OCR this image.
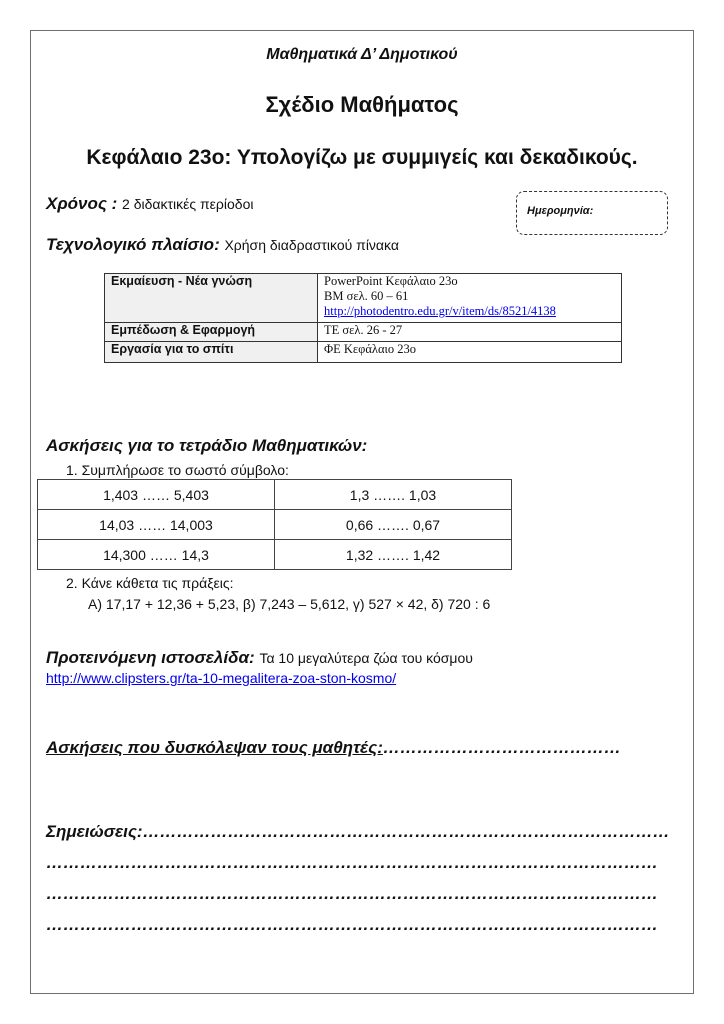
Μαθηματικά Δ’ Δημοτικού
Σχέδιο Μαθήματος
Κεφάλαιο 23ο: Υπολογίζω με συμμιγείς και δεκαδικούς.
Χρόνος : 2 διδακτικές περίοδοι	Ημερομηνία:
Τεχνολογικό πλαίσιο: Χρήση διαδραστικού πίνακα
Εκμαίευση - Νέα γνώση	PowerPoint Κεφάλαιο 23ο
ΒΜ σελ. 60 – 61
http://photodentro.edu.gr/v/item/ds/8521/4138

Εμπέδωση & Εφαρμογή	ΤΕ σελ. 26 - 27
Εργασία για το σπίτι	ΦΕ Κεφάλαιο 23ο
Ασκήσεις για το τετράδιο Μαθηματικών:
1. Συμπλήρωσε το σωστό σύμβολο:
1,403 …… 5,403	1,3 ……. 1,03
14,03 …… 14,003	0,66 ……. 0,67
14,300 …… 14,3	1,32 ……. 1,42
2. Κάνε κάθετα τις πράξεις:
Α) 17,17 + 12,36 + 5,23, β) 7,243 – 5,612, γ) 527 × 42, δ) 720 : 6
Προτεινόμενη ιστοσελίδα: Τα 10 μεγαλύτερα ζώα του κόσμου
http://www.clipsters.gr/ta-10-megalitera-zoa-ston-kosmo/
Ασκήσεις που δυσκόλεψαν τους μαθητές:……………………………………
Σημειώσεις:…………………………………………………………………………………
………………………………………………………………………………………………
………………………………………………………………………………………………
………………………………………………………………………………………………
